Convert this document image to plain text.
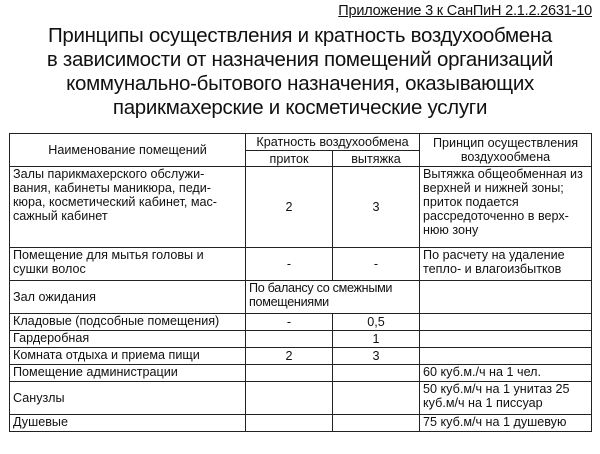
Приложение 3 к СанПиН 2.1.2.2631-10
Принципы осуществления и кратность воздухообмена
в зависимости от назначения помещений организаций
коммунально-бытового назначения, оказывающих
парикмахерские и косметические услуги
Наименование помещений	Кратность воздухообмена		Принцип осуществления воздухообмена
	приток	вытяжка	
Залы парикмахерского обслужи-вания, кабинеты маникюра, педи-кюра, косметический кабинет, мас-сажный кабинет	2	3	Вытяжка общеобменная из верхней и нижней зоны; приток подается рассредоточенно в верх-нюю зону
Помещение для мытья головы и сушки волос	-	-	По расчету на удаление тепло- и влагоизбытков
Зал ожидания	По балансу со смежными помещениями		
Кладовые (подсобные помещения)	-	0,5	
Гардеробная		1	
Комната отдыха и приема пищи	2	3	
Помещение администрации			60 куб.м./ч на 1 чел.
Санузлы			50 куб.м/ч на 1 унитаз 25 куб.м/ч на 1 писсуар
Душевые			75 куб.м/ч на 1 душевую
